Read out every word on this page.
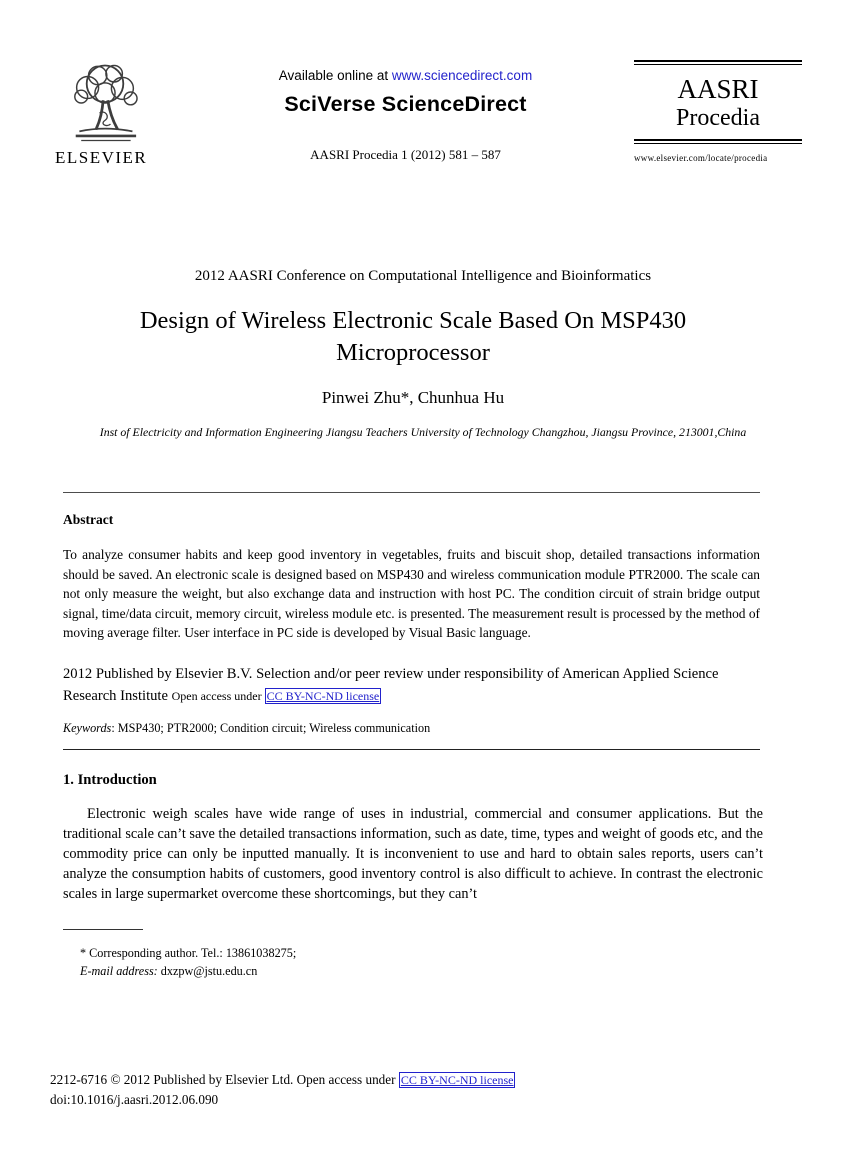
ELSEVIER
Available online at www.sciencedirect.com
SciVerse ScienceDirect
AASRI Procedia 1 (2012) 581 – 587
AASRI
Procedia
www.elsevier.com/locate/procedia
2012 AASRI Conference on Computational Intelligence and Bioinformatics
Design of Wireless Electronic Scale Based On MSP430
Microprocessor
Pinwei Zhu*, Chunhua Hu
Inst of Electricity and Information Engineering Jiangsu Teachers University of Technology Changzhou, Jiangsu Province, 213001,China
Abstract
To analyze consumer habits and keep good inventory in vegetables, fruits and biscuit shop, detailed transactions information should be saved. An electronic scale is designed based on MSP430 and wireless communication module PTR2000. The scale can not only measure the weight, but also exchange data and instruction with host PC. The condition circuit of strain bridge output signal, time/data circuit, memory circuit, wireless module etc. is presented. The measurement result is processed by the method of moving average filter. User interface in PC side is developed by Visual Basic language.
2012 Published by Elsevier B.V. Selection and/or peer review under responsibility of American Applied Science Research Institute Open access under CC BY-NC-ND license
Keywords: MSP430; PTR2000; Condition circuit; Wireless communication
1. Introduction
Electronic weigh scales have wide range of uses in industrial, commercial and consumer applications. But the traditional scale can’t save the detailed transactions information, such as date, time, types and weight of goods etc, and the commodity price can only be inputted manually. It is inconvenient to use and hard to obtain sales reports, users can’t analyze the consumption habits of customers, good inventory control is also difficult to achieve. In contrast the electronic scales in large supermarket overcome these shortcomings, but they can’t
* Corresponding author. Tel.: 13861038275;
E-mail address: dxzpw@jstu.edu.cn
2212-6716 © 2012 Published by Elsevier Ltd. Open access under CC BY-NC-ND license
doi:10.1016/j.aasri.2012.06.090
